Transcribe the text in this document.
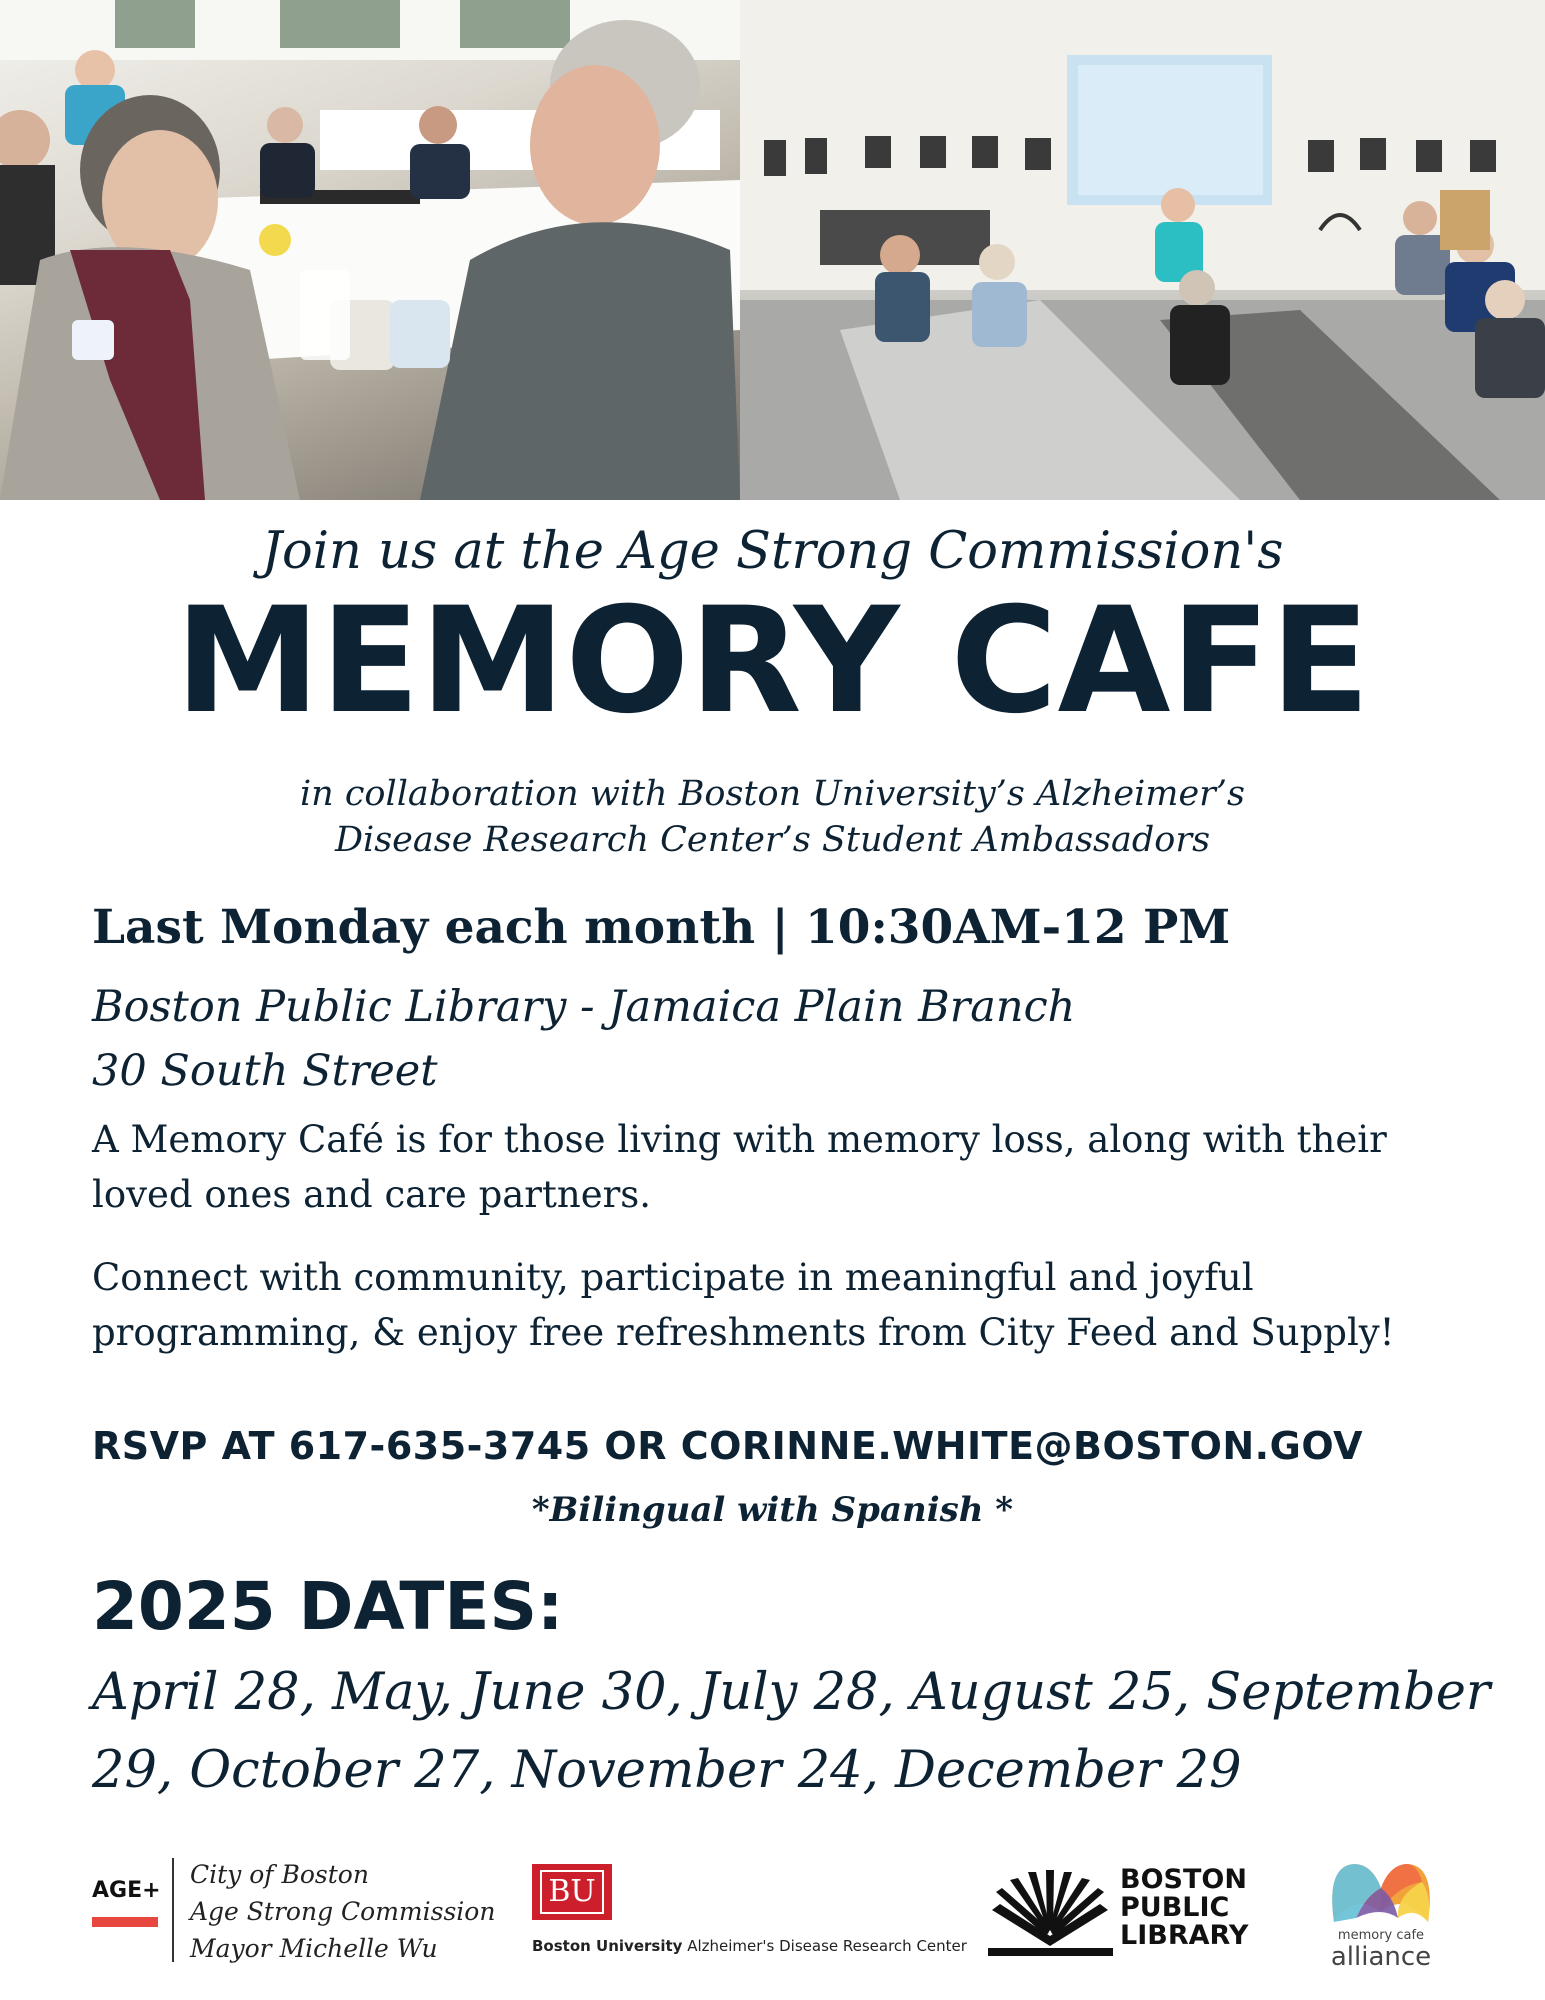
Join us at the Age Strong Commission's
MEMORY CAFE
in collaboration with Boston University’s Alzheimer’s
Disease Research Center’s Student Ambassadors
Last Monday each month | 10:30AM-12 PM
Boston Public Library - Jamaica Plain Branch
30 South Street
A Memory Café is for those living with memory loss, along with their loved ones and care partners.
Connect with community, participate in meaningful and joyful programming, & enjoy free refreshments from City Feed and Supply!
RSVP AT 617-635-3745 OR CORINNE.WHITE@BOSTON.GOV
*Bilingual with Spanish *
2025 DATES:
April 28, May, June 30, July 28, August 25, September 29, October 27, November 24, December 29
AGE+
City of Boston
Age Strong Commission
Mayor Michelle Wu
BU
Boston University Alzheimer's Disease Research Center
BOSTON
PUBLIC
LIBRARY	memory cafe
alliance
